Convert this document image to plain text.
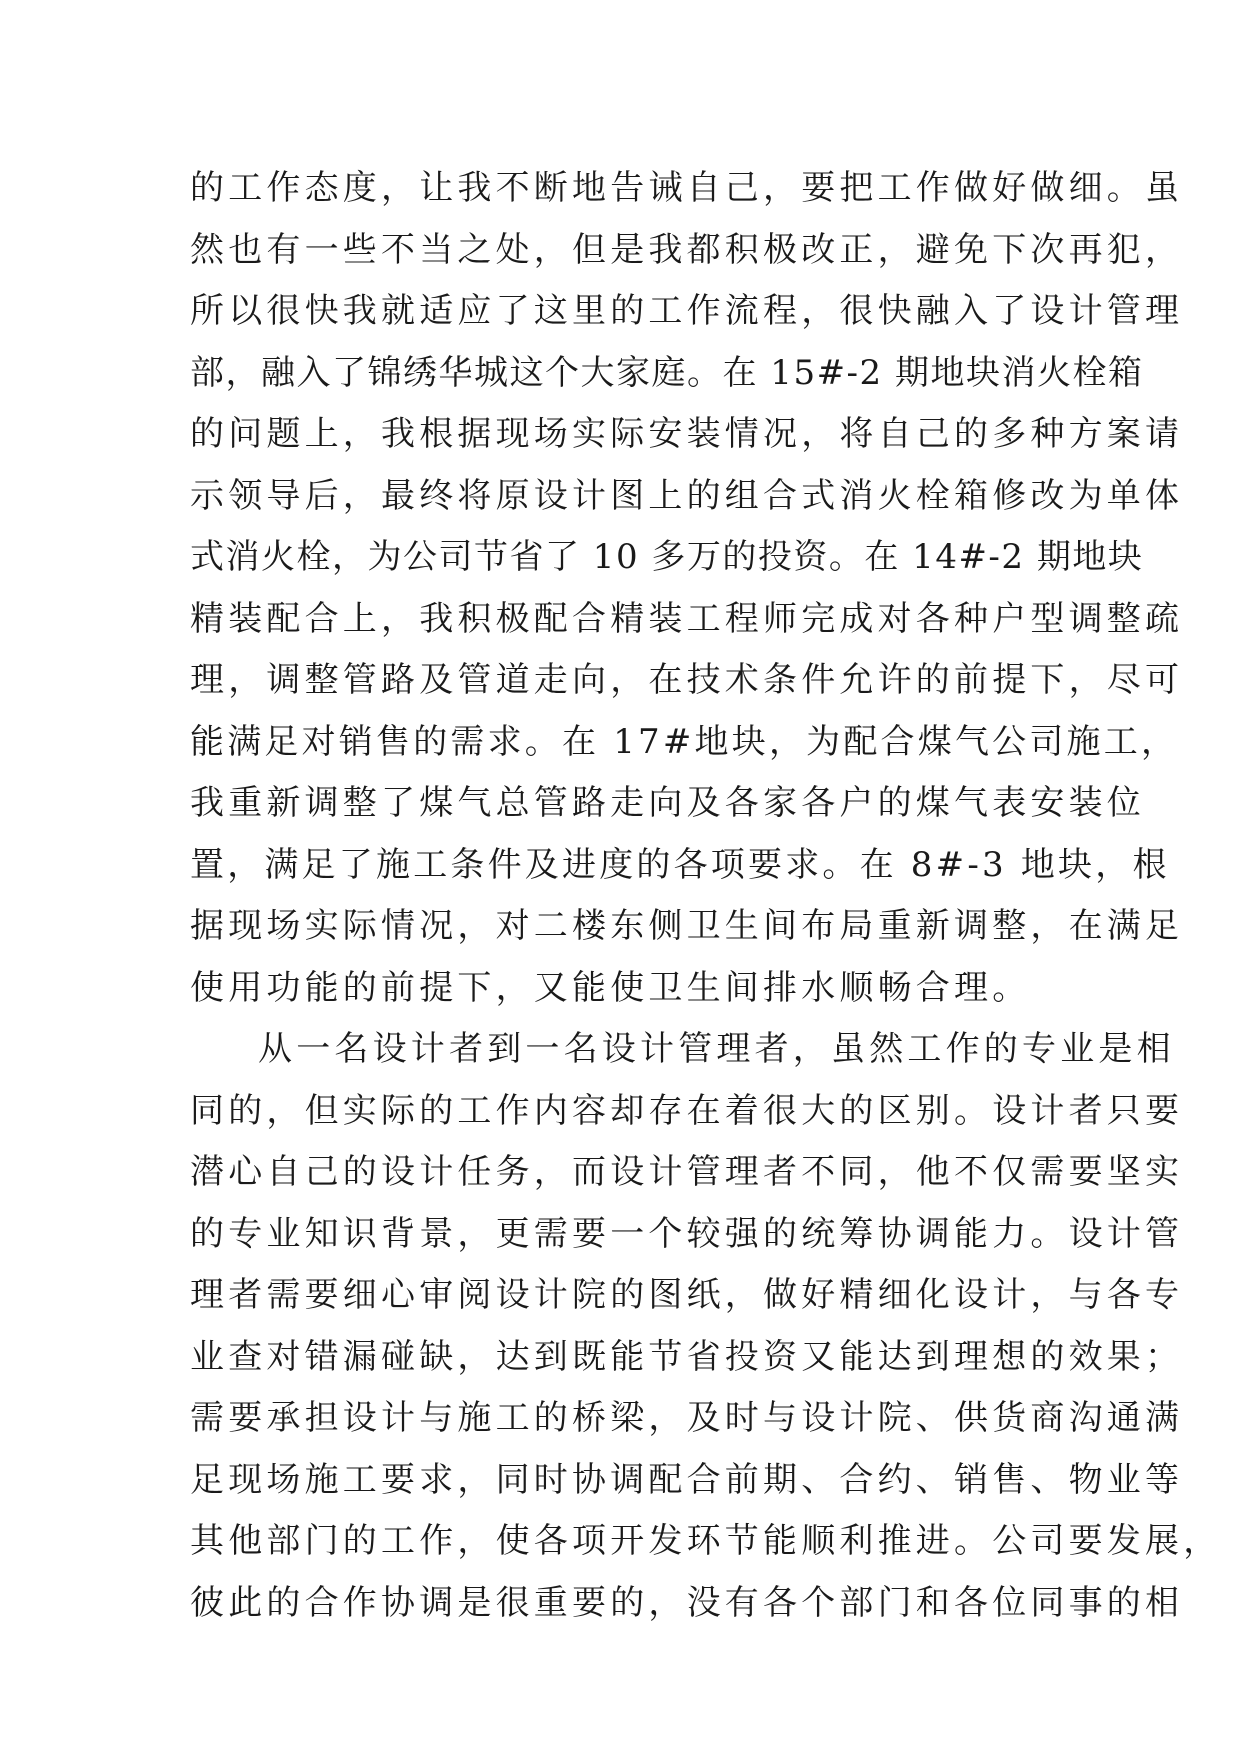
的工作态度，让我不断地告诫自己，要把工作做好做细。虽
然也有一些不当之处，但是我都积极改正，避免下次再犯，
所以很快我就适应了这里的工作流程，很快融入了设计管理
部，融入了锦绣华城这个大家庭。在 15#-2 期地块消火栓箱
的问题上，我根据现场实际安装情况，将自己的多种方案请
示领导后，最终将原设计图上的组合式消火栓箱修改为单体
式消火栓，为公司节省了 10 多万的投资。在 14#-2 期地块
精装配合上，我积极配合精装工程师完成对各种户型调整疏
理，调整管路及管道走向，在技术条件允许的前提下，尽可
能满足对销售的需求。在 17#地块，为配合煤气公司施工，
我重新调整了煤气总管路走向及各家各户的煤气表安装位
置，满足了施工条件及进度的各项要求。在 8#-3 地块，根
据现场实际情况，对二楼东侧卫生间布局重新调整，在满足
使用功能的前提下，又能使卫生间排水顺畅合理。
从一名设计者到一名设计管理者，虽然工作的专业是相
同的，但实际的工作内容却存在着很大的区别。设计者只要
潜心自己的设计任务，而设计管理者不同，他不仅需要坚实
的专业知识背景，更需要一个较强的统筹协调能力。设计管
理者需要细心审阅设计院的图纸，做好精细化设计，与各专
业查对错漏碰缺，达到既能节省投资又能达到理想的效果；
需要承担设计与施工的桥梁，及时与设计院、供货商沟通满
足现场施工要求，同时协调配合前期、合约、销售、物业等
其他部门的工作，使各项开发环节能顺利推进。公司要发展，
彼此的合作协调是很重要的，没有各个部门和各位同事的相
